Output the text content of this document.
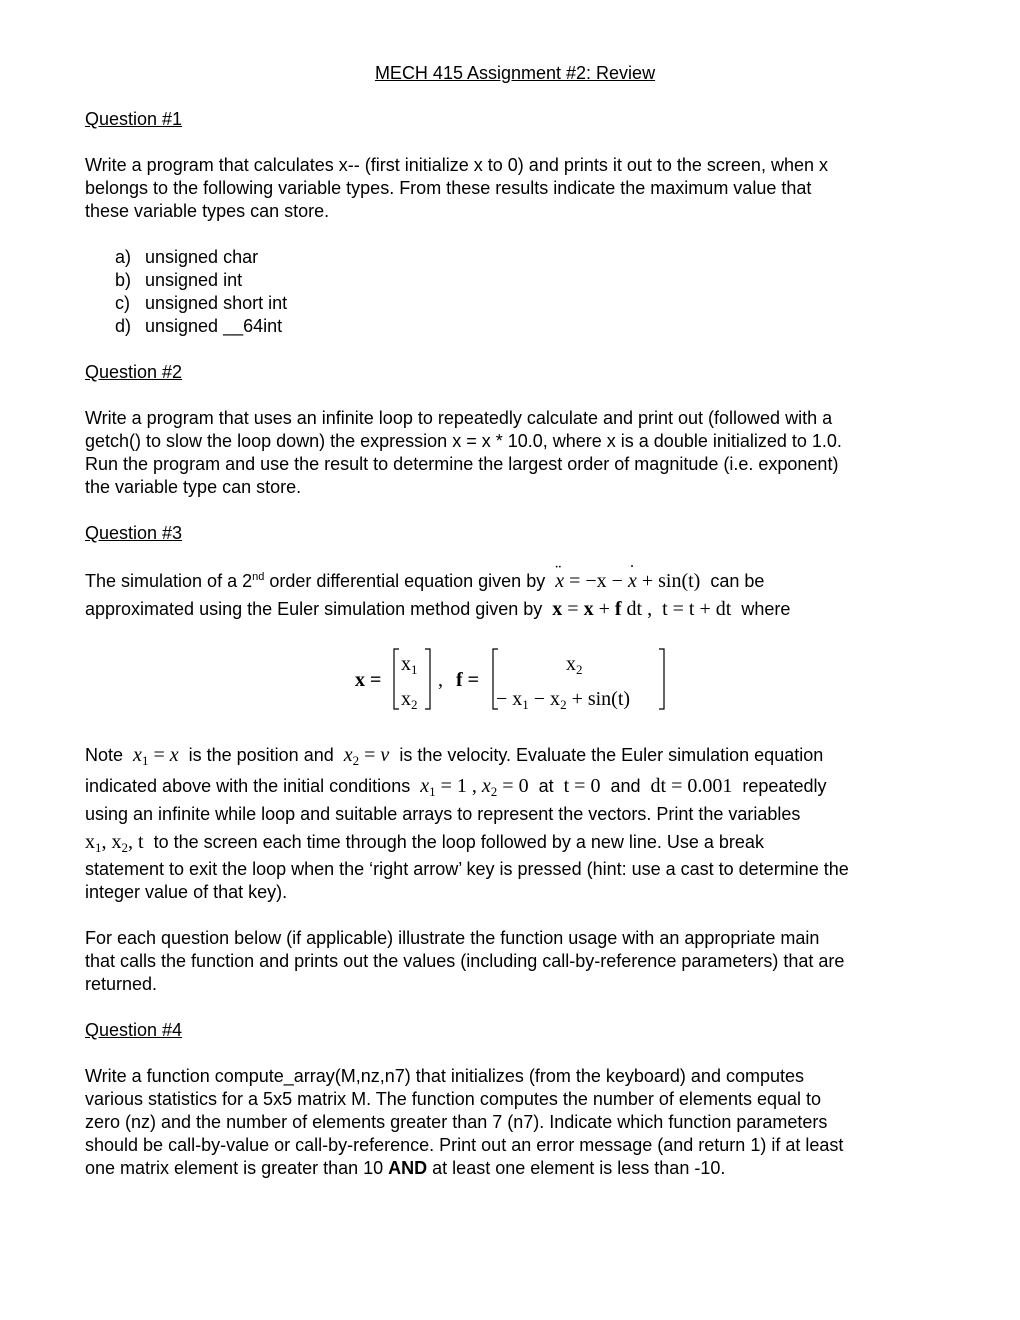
MECH 415 Assignment #2: Review
Question #1
Write a program that calculates x-- (first initialize x to 0) and prints it out to the screen, when x
belongs to the following variable types. From these results indicate the maximum value that
these variable types can store.
a) unsigned char
b) unsigned int
c) unsigned short int
d) unsigned __64int
Question #2
Write a program that uses an infinite loop to repeatedly calculate and print out (followed with a
getch() to slow the loop down) the expression x = x * 10.0, where x is a double initialized to 1.0.
Run the program and use the result to determine the largest order of magnitude (i.e. exponent)
the variable type can store.
Question #3
The simulation of a 2nd order differential equation given by  ¨ x = −x − ˙ x + sin(t) can be
approximated using the Euler simulation method given by x = x + f dt ,  t = t + dt  where
x =
$x_1$
$x_2$
, f =
$x_2$
− $x_1 - x_2 + \sin(t)$
Note $x_1 = x$ is the position and $x_2 = v$ is the velocity. Evaluate the Euler simulation equation
indicated above with the initial conditions $x_1 = 1$ , $x_2 = 0$  at  t = 0  and  dt = 0.001  repeatedly
using an infinite while loop and suitable arrays to represent the vectors. Print the variables
$x_1$, $x_2$, t  to the screen each time through the loop followed by a new line. Use a break
statement to exit the loop when the ‘right arrow’ key is pressed (hint: use a cast to determine the
integer value of that key).
For each question below (if applicable) illustrate the function usage with an appropriate main
that calls the function and prints out the values (including call-by-reference parameters) that are
returned.
Question #4
Write a function compute_array(M,nz,n7) that initializes (from the keyboard) and computes
various statistics for a 5x5 matrix M. The function computes the number of elements equal to
zero (nz) and the number of elements greater than 7 (n7). Indicate which function parameters
should be call-by-value or call-by-reference. Print out an error message (and return 1) if at least
one matrix element is greater than 10 AND at least one element is less than -10.
